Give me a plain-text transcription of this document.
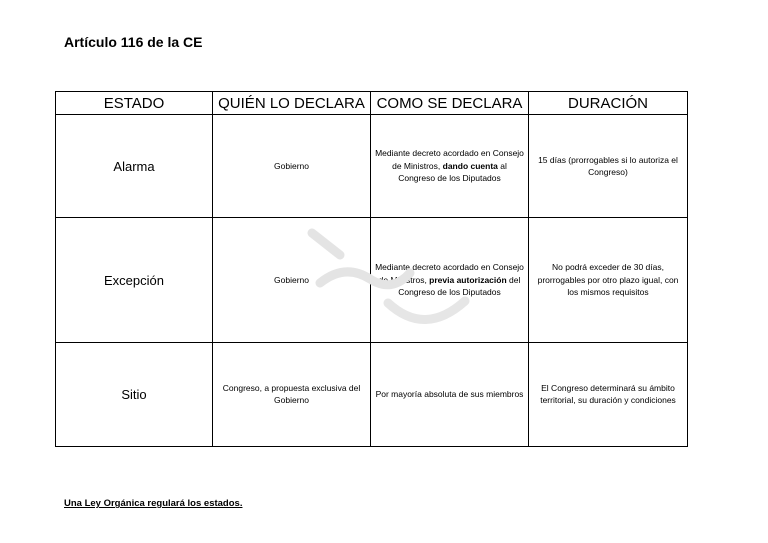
Artículo 116 de la CE
ESTADO	QUIÉN LO DECLARA	COMO SE DECLARA	DURACIÓN
Alarma	Gobierno	Mediante decreto acordado en Consejo de Ministros, dando cuenta al Congreso de los Diputados	15 días (prorrogables si lo autoriza el Congreso)
Excepción	Gobierno	Mediante decreto acordado en Consejo de Ministros, previa autorización del Congreso de los Diputados	No podrá exceder de 30 días, prorrogables por otro plazo igual, con los mismos requisitos
Sitio	Congreso, a propuesta exclusiva del Gobierno	Por mayoría absoluta de sus miembros	El Congreso determinará su ámbito territorial, su duración y condiciones
Una Ley Orgánica regulará los estados.
